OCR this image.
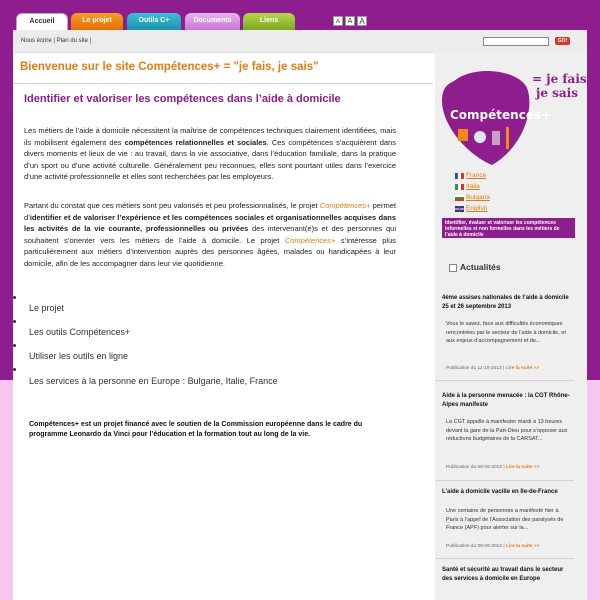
Accueil	Le projet	Outils C+	Documents	Liens	A	A A
Nous écrire | Plan du site |	GO!
Bienvenue sur le site Compétences+ = "je fais, je sais"
Identifier et valoriser les compétences dans l’aide à domicile
Les métiers de l’aide à domicile nécessitent la maîtrise de compétences techniques clairement identifiées, mais ils mobilisent également des compétences relationnelles et sociales. Ces compétences s’acquièrent dans divers moments et lieux de vie : au travail, dans la vie associative, dans l’éducation familiale, dans la pratique d’un sport ou d’une activité culturelle. Généralement peu reconnues, elles sont pourtant utiles dans l’exercice d’une activité professionnelle et elles sont recherchées par les employeurs.
Partant du constat que ces métiers sont peu valorisés et peu professionnalisés, le projet Compétences+ permet d’identifier et de valoriser l’expérience et les compétences sociales et organisationnelles acquises dans les activités de la vie courante, professionnelles ou privées des intervenant(e)s et des personnes qui souhaitent s’orienter vers les métiers de l’aide à domicile. Le projet Compétences+ s’intéresse plus particulièrement aux métiers d’intervention auprès des personnes âgées, malades ou handicapées à leur domicile, afin de les accompagner dans leur vie quotidienne.
Le projet
Les outils Compétences+
Utiliser les outils en ligne
Les services à la personne en Europe : Bulgarie, Italie, France
Compétences+ est un projet financé avec le soutien de la Commission européenne dans le cadre du programme Leonardo da Vinci pour l’éducation et la formation tout au long de la vie.
= je fais,
je sais
Compétences+
France
Italia
Bulgaria
English
Identifier, évaluer et valoriser les compétences informelles et non formelles dans les métiers de l’aide à domicile
Actualités
4ème assises nationales de l’aide à domicile 25 et 26 septembre 2013
Vous le savez, face aux difficultés économiques rencontrées par le secteur de l’aide à domicile, et aux enjeux d’accompagnement et de...
Publication du 11-10-2013 | Lire la suite >>
Aide à la personne menacée : la CGT Rhône-Alpes manifeste
La CGT appelle à manifester mardi à 13 heures devant la gare de la Part-Dieu pour s’opposer aux réductions budgétaires de la CARSAT...
Publication du 08-06-2012 | Lire la suite >>
L’aide à domicile vacille en Ile-de-France
Une centaine de personnes a manifesté hier à Paris à l’appel de l’Association des paralysés de France (APF) pour alerter sur la...
Publication du 08-06-2012 | Lire la suite >>
Santé et sécurité au travail dans le secteur des services à domicile en Europe
